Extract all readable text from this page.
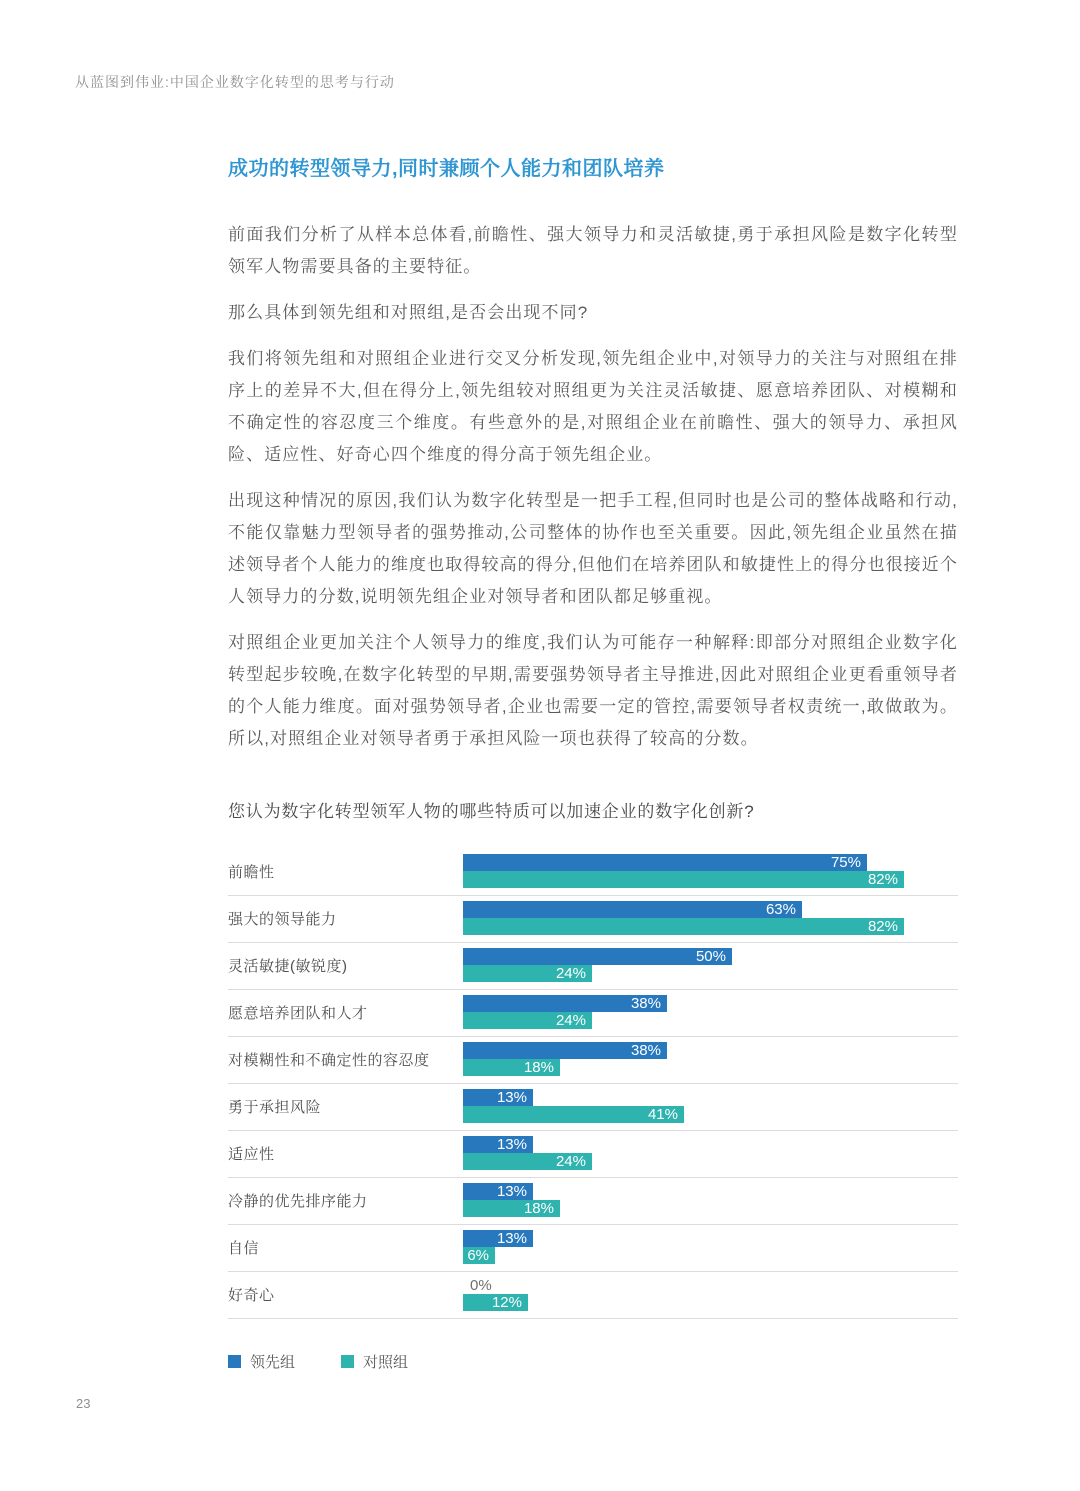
从蓝图到伟业:中国企业数字化转型的思考与行动
成功的转型领导力,同时兼顾个人能力和团队培养

前面我们分析了从样本总体看,前瞻性、强大领导力和灵活敏捷,勇于承担风险是数字化转型领军人物需要具备的主要特征。

那么具体到领先组和对照组,是否会出现不同?

我们将领先组和对照组企业进行交叉分析发现,领先组企业中,对领导力的关注与对照组在排序上的差异不大,但在得分上,领先组较对照组更为关注灵活敏捷、愿意培养团队、对模糊和不确定性的容忍度三个维度。有些意外的是,对照组企业在前瞻性、强大的领导力、承担风险、适应性、好奇心四个维度的得分高于领先组企业。

出现这种情况的原因,我们认为数字化转型是一把手工程,但同时也是公司的整体战略和行动,不能仅靠魅力型领导者的强势推动,公司整体的协作也至关重要。因此,领先组企业虽然在描述领导者个人能力的维度也取得较高的得分,但他们在培养团队和敏捷性上的得分也很接近个人领导力的分数,说明领先组企业对领导者和团队都足够重视。

对照组企业更加关注个人领导力的维度,我们认为可能存一种解释:即部分对照组企业数字化转型起步较晚,在数字化转型的早期,需要强势领导者主导推进,因此对照组企业更看重领导者的个人能力维度。面对强势领导者,企业也需要一定的管控,需要领导者权责统一,敢做敢为。所以,对照组企业对领导者勇于承担风险一项也获得了较高的分数。

您认为数字化转型领军人物的哪些特质可以加速企业的数字化创新?
前瞻性
75%
82%
强大的领导能力
63%
82%
灵活敏捷(敏锐度)
50%
24%
愿意培养团队和人才
38%
24%
对模糊性和不确定性的容忍度
38%
18%
勇于承担风险
13%
41%
适应性
13%
24%
冷静的优先排序能力
13%
18%
自信
13%
6%
好奇心
0%
12%
领先组	对照组
23
